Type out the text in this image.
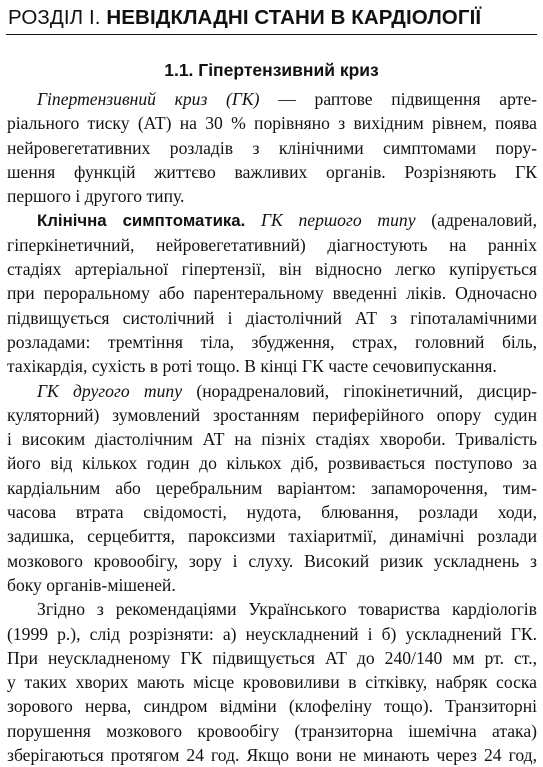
РОЗДІЛ І. НЕВІДКЛАДНІ СТАНИ В КАРДІОЛОГІЇ
1.1. Гіпертензивний криз
Гіпертензивний криз (ГК) — раптове підвищення арте-
ріального тиску (АТ) на 30 % порівняно з вихідним рівнем, поява
нейровегетативних розладів з клінічними симптомами пору-
шення функцій життєво важливих органів. Розрізняють ГК
першого і другого типу.
Клінічна симптоматика. ГК першого типу (адреналовий,
гіперкінетичний, нейровегетативний) діагностують на ранніх
стадіях артеріальної гіпертензії, він відносно легко купірується
при пероральному або парентеральному введенні ліків. Одночасно
підвищується систолічний і діастолічний АТ з гіпоталамічними
розладами: тремтіння тіла, збудження, страх, головний біль,
тахікардія, сухість в роті тощо. В кінці ГК часте сечовипускання.
ГК другого типу (норадреналовий, гіпокінетичний, дисцир-
куляторний) зумовлений зростанням периферійного опору судин
і високим діастолічним АТ на пізніх стадіях хвороби. Тривалість
його від кількох годин до кількох діб, розвивається поступово за
кардіальним або церебральним варіантом: запаморочення, тим-
часова втрата свідомості, нудота, блювання, розлади ходи,
задишка, серцебиття, пароксизми тахіаритмії, динамічні розлади
мозкового кровообігу, зору і слуху. Високий ризик ускладнень з
боку органів-мішеней.
Згідно з рекомендаціями Українського товариства кардіологів
(1999 р.), слід розрізняти: а) неускладнений і б) ускладнений ГК.
При неускладненому ГК підвищується АТ до 240/140 мм рт. ст.,
у таких хворих мають місце крововиливи в сітківку, набряк соска
зорового нерва, синдром відміни (клофеліну тощо). Транзиторні
порушення мозкового кровообігу (транзиторна ішемічна атака)
зберігаються протягом 24 год. Якщо вони не минають через 24 год,
